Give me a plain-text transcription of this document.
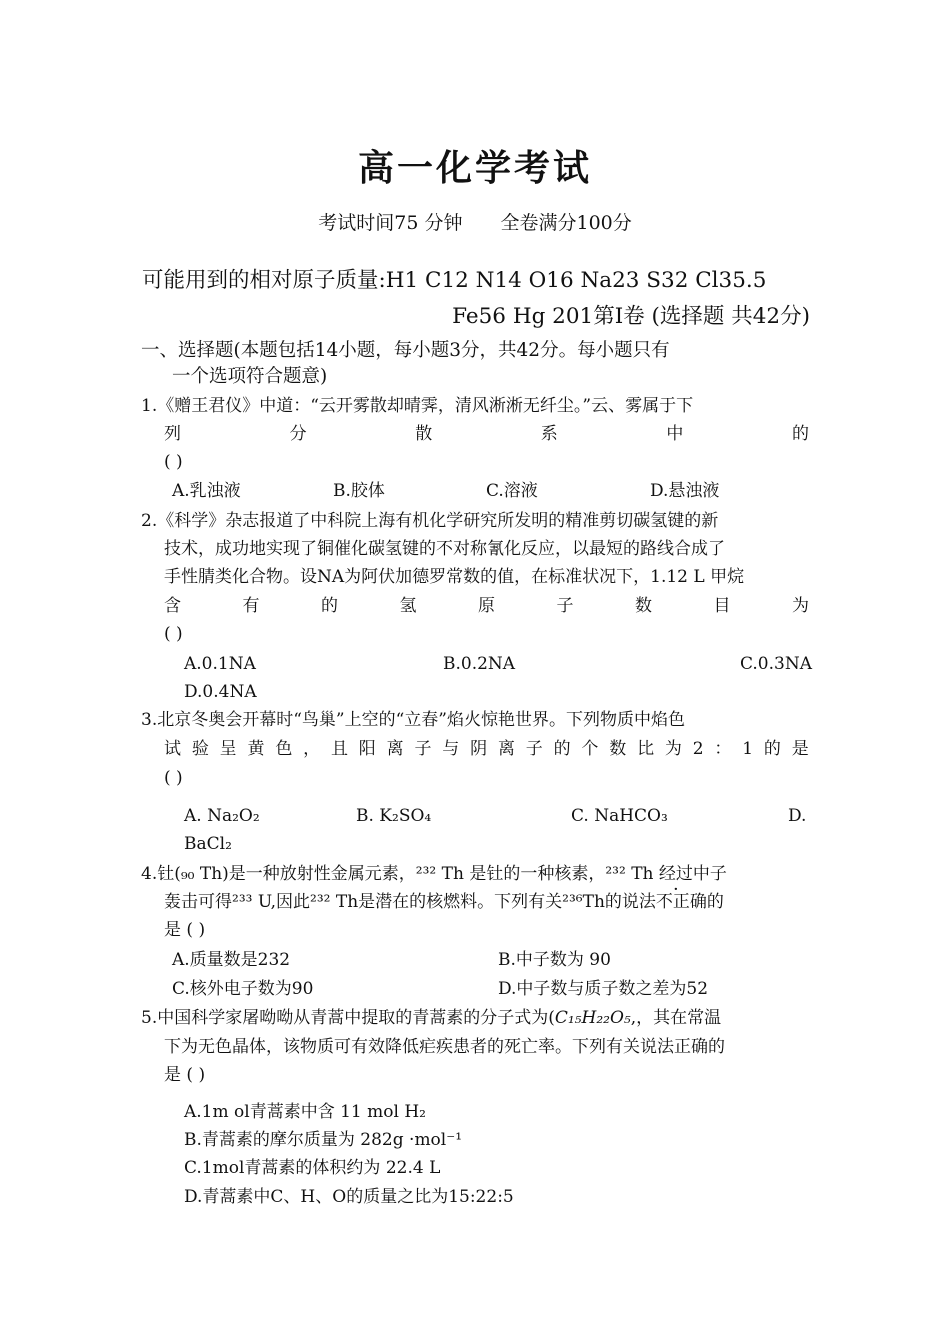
高一化学考试
考试时间75 分钟 全卷满分100分
可能用到的相对原子质量:H1 C12 N14 O16 Na23 S32 Cl35.5
Fe56 Hg 201第Ⅰ卷 (选择题 共42分)
一、选择题(本题包括14小题，每小题3分，共42分。每小题只有
一个选项符合题意)
1.《赠王君仪》中道：“云开雾散却晴霁，清风淅淅无纤尘。”云、雾属于下
列	分	散	系	中	的
( )
A.乳浊液	B.胶体	C.溶液	D.悬浊液
2.《科学》杂志报道了中科院上海有机化学研究所发明的精准剪切碳氢键的新
技术，成功地实现了铜催化碳氢键的不对称氰化反应，以最短的路线合成了
手性腈类化合物。设NA为阿伏加德罗常数的值，在标准状况下，1.12 L 甲烷
含	有	的	氢	原	子	数	目	为
( )
A.0.1NA	B.0.2NA	C.0.3NA
D.0.4NA
3.北京冬奥会开幕时“鸟巢”上空的“立春”焰火惊艳世界。下列物质中焰色
试 验 呈 黄 色 ， 且 阳 离 子 与 阴 离 子 的 个 数 比 为 2 ： 1 的 是
( )
A. Na₂O₂	B. K₂SO₄	C. NaHCO₃	D.
BaCl₂
4.钍(₉₀ Th)是一种放射性金属元素，²³² Th 是钍的一种核素，²³² Th 经过中子
轰击可得²³³ U,因此²³² Th是潜在的核燃料。下列有关²³⁶Th的说法不正确的
是 ( )
A.质量数是232	B.中子数为 90
C.核外电子数为90	D.中子数与质子数之差为52
5.中国科学家屠呦呦从青蒿中提取的青蒿素的分子式为(C₁₅H₂₂O₅,，其在常温
下为无色晶体，该物质可有效降低疟疾患者的死亡率。下列有关说法正确的
是 ( )
A.1m ol青蒿素中含 11 mol H₂
B.青蒿素的摩尔质量为 282g ·mol⁻¹
C.1mol青蒿素的体积约为 22.4 L
D.青蒿素中C、H、O的质量之比为15:22:5
